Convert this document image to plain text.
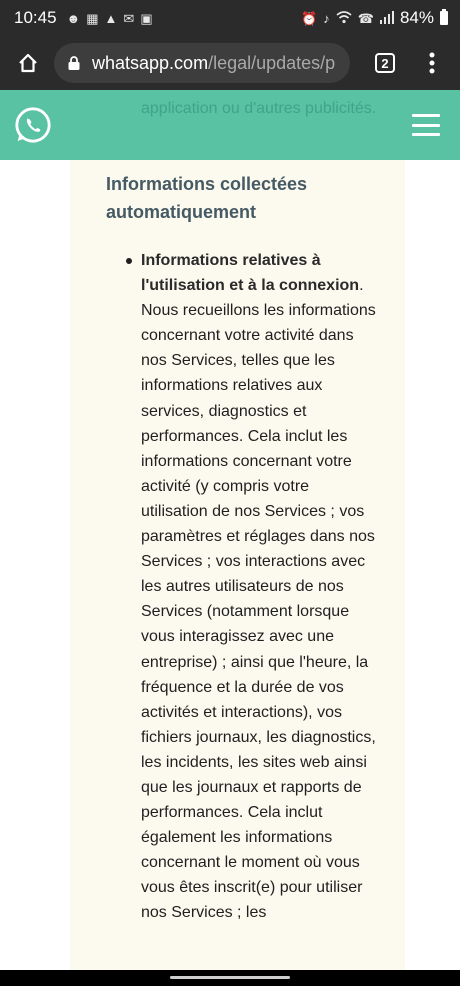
10:45 ☻ ▦ ▲ ✉ ▣	⏰ ♪ ☎ 84%
whatsapp.com /legal/updates/p	2
application ou d'autres publicités.
Informations collectées automatiquement

Informations relatives à l'utilisation et à la connexion. Nous recueillons les informations concernant votre activité dans nos Services, telles que les informations relatives aux services, diagnostics et performances. Cela inclut les informations concernant votre activité (y compris votre utilisation de nos Services ; vos paramètres et réglages dans nos Services ; vos interactions avec les autres utilisateurs de nos Services (notamment lorsque vous interagissez avec une entreprise) ; ainsi que l'heure, la fréquence et la durée de vos activités et interactions), vos fichiers journaux, les diagnostics, les incidents, les sites web ainsi que les journaux et rapports de performances. Cela inclut également les informations concernant le moment où vous vous êtes inscrit(e) pour utiliser nos Services ; les
